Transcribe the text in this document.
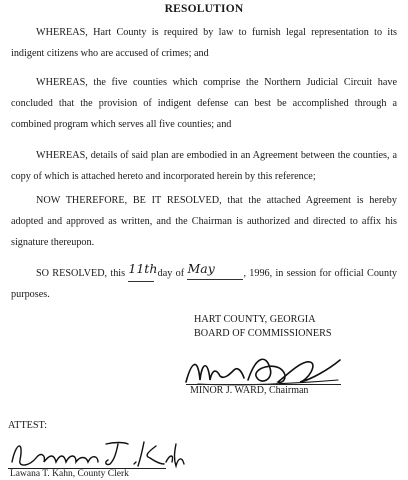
RESOLUTION

WHEREAS, Hart County is required by law to furnish legal representation to its indigent citizens who are accused of crimes; and

WHEREAS, the five counties which comprise the Northern Judicial Circuit have concluded that the provision of indigent defense can best be accomplished through a combined program which serves all five counties; and

WHEREAS, details of said plan are embodied in an Agreement between the counties, a copy of which is attached hereto and incorporated herein by this reference;

NOW THEREFORE, BE IT RESOLVED, that the attached Agreement is hereby adopted and approved as written, and the Chairman is authorized and directed to affix his signature thereupon.

SO RESOLVED, this 11th day of May	, 1996, in session for official County purposes.

HART COUNTY, GEORGIA
BOARD OF COMMISSIONERS
MINOR J. WARD, Chairman
ATTEST:
Lawana T. Kahn, County Clerk
